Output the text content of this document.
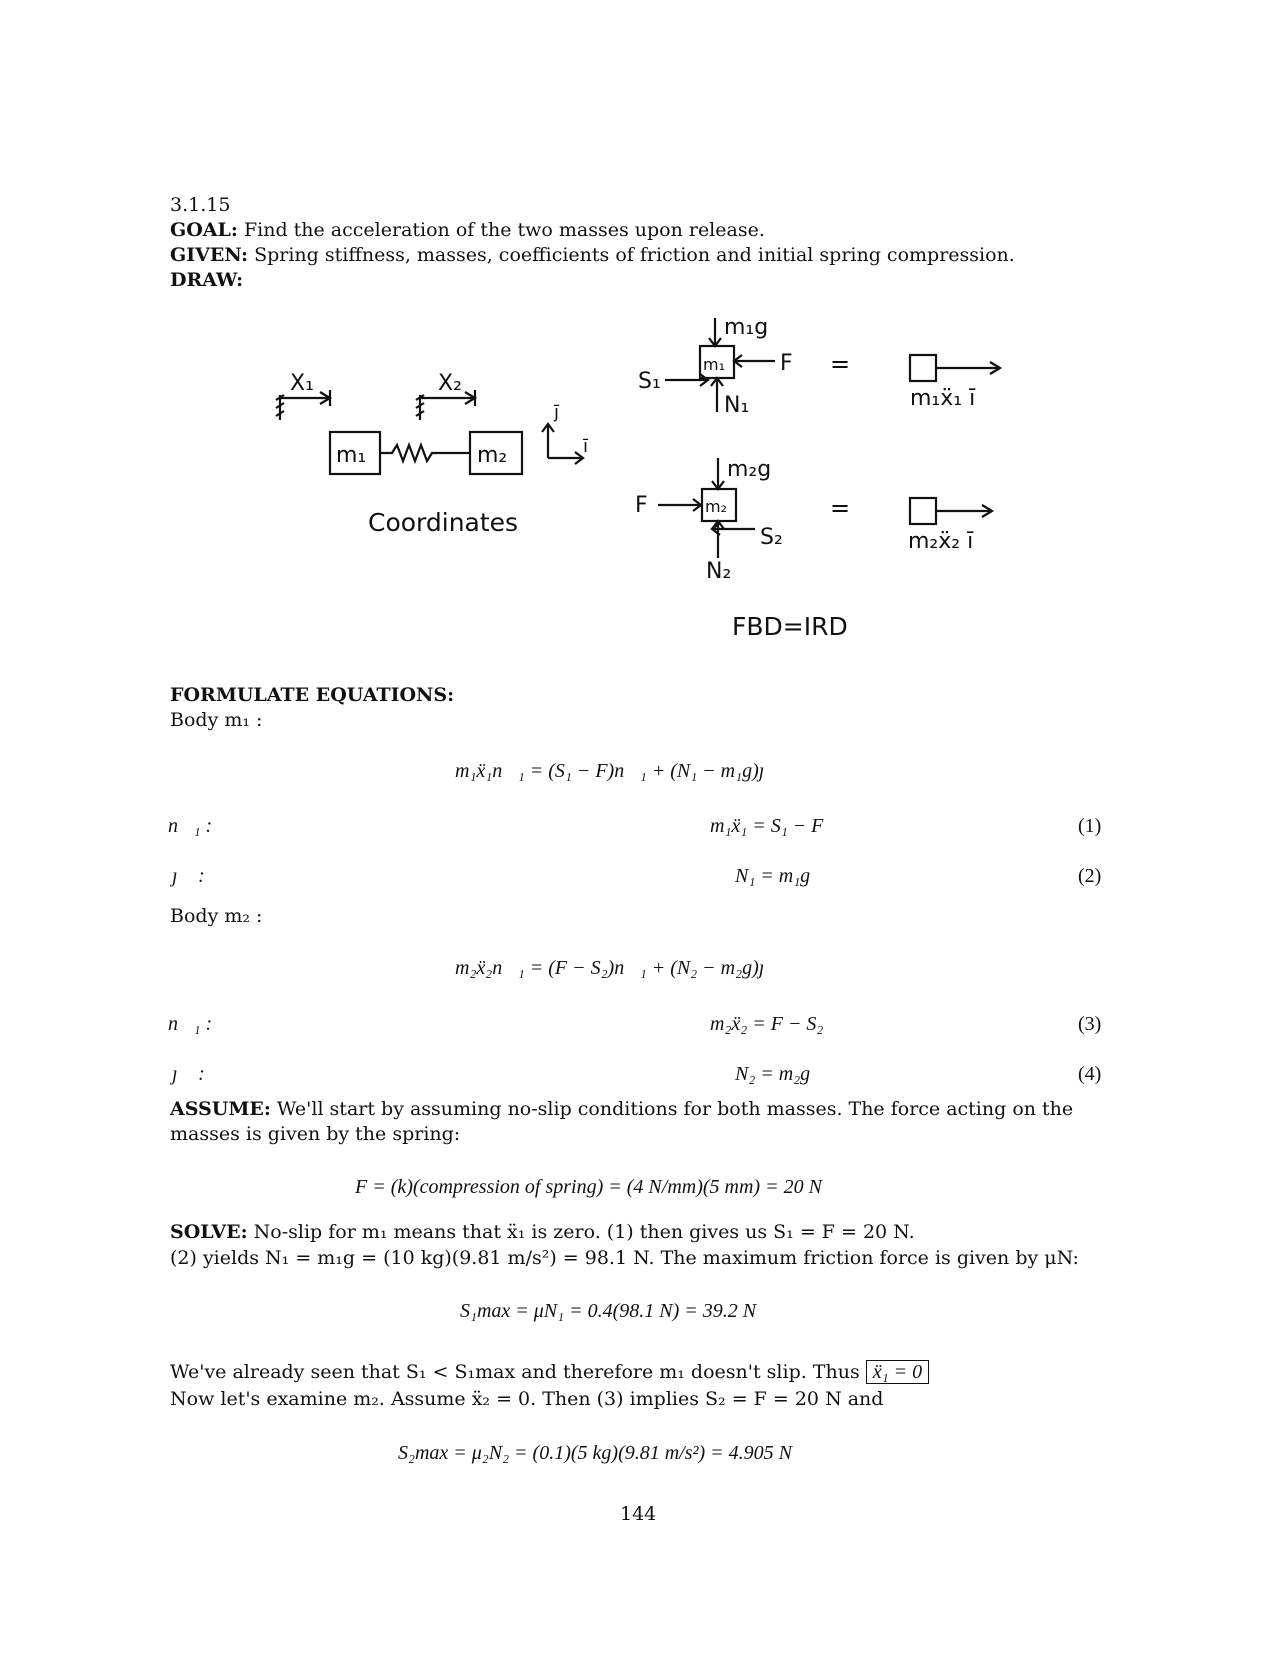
3.1.15
GOAL: Find the acceleration of the two masses upon release.
GIVEN: Spring stiffness, masses, coefficients of friction and initial spring compression.
DRAW:
X₁	X₂
m₁	m₂
j̄
ī
m₁g
m₁	F
S₁
N₁
=
m₁ẍ₁ ī
m₂g
m₂
F
S₂
N₂
=
m₂ẍ₂ ī
Coordinates
FBD=IRD
FORMULATE EQUATIONS:
Body m₁ :
m₁ẍ₁n⃗₁ = (S₁ − F)n⃗₁ + (N₁ − m₁g)ȷ⃗
n⃗₁ :	m₁ẍ₁ = S₁ − F	(1)
ȷ⃗ :	N₁ = m₁g	(2)
Body m₂ :
m₂ẍ₂n⃗₁ = (F − S₂)n⃗₁ + (N₂ − m₂g)ȷ⃗
n⃗₁ :	m₂ẍ₂ = F − S₂	(3)
ȷ⃗ :	N₂ = m₂g	(4)
ASSUME: We'll start by assuming no-slip conditions for both masses. The force acting on the masses is given by the spring:
F = (k)(compression of spring) = (4 N/mm)(5 mm) = 20 N
SOLVE: No-slip for m₁ means that ẍ₁ is zero. (1) then gives us S₁ = F = 20 N.
(2) yields N₁ = m₁g = (10 kg)(9.81 m/s²) = 98.1 N. The maximum friction force is given by μN:
S₁max = μN₁ = 0.4(98.1 N) = 39.2 N
We've already seen that S₁ < S₁max and therefore m₁ doesn't slip. Thus ẍ₁ = 0
Now let's examine m₂. Assume ẍ₂ = 0. Then (3) implies S₂ = F = 20 N and
S₂max = μ₂N₂ = (0.1)(5 kg)(9.81 m/s²) = 4.905 N
144
